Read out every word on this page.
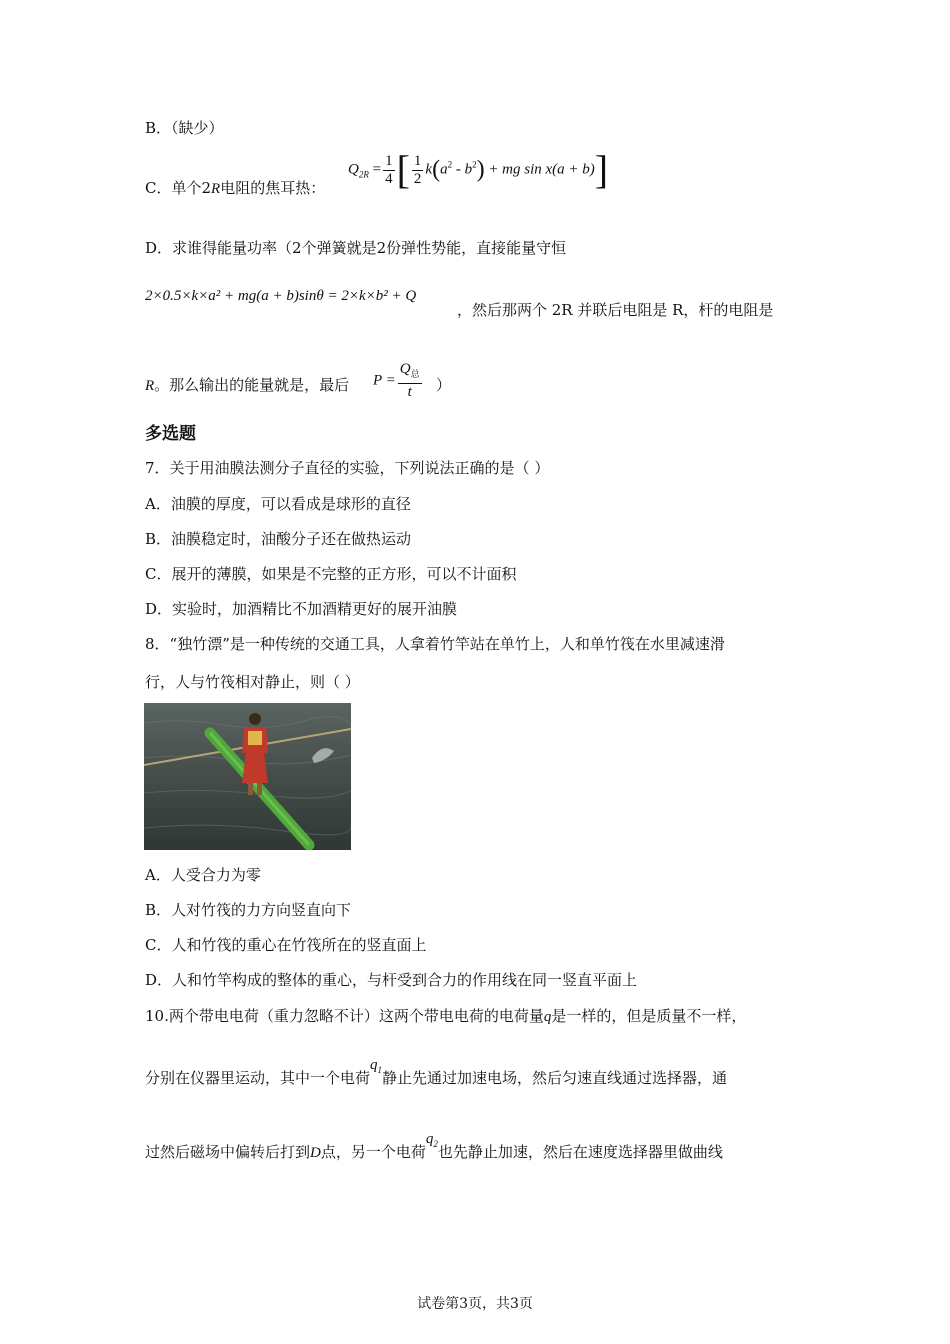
B．（缺少）
C．单个2R电阻的焦耳热：
$Q_{2R} = \frac{1}{4}$ [ $\frac{1}{2} k(a^2 - b^2)$ + mg sin x(a + b)]
D．求谁得能量功率（2个弹簧就是2份弹性势能，直接能量守恒
2×0.5×k×a² + mg(a + b)sinθ = 2×k×b² + Q
，然后那两个 2R 并联后电阻是 R，杆的电阻是
R。那么输出的能量就是，最后 $P = \frac{Q_总}{t}$ ）
多选题
7．关于用油膜法测分子直径的实验，下列说法正确的是（ ）
A．油膜的厚度，可以看成是球形的直径
B．油膜稳定时，油酸分子还在做热运动
C．展开的薄膜，如果是不完整的正方形，可以不计面积
D．实验时，加酒精比不加酒精更好的展开油膜
8．“独竹漂”是一种传统的交通工具，人拿着竹竿站在单竹上，人和单竹筏在水里减速滑
行，人与竹筏相对静止，则（ ）
A．人受合力为零
B．人对竹筏的力方向竖直向下
C．人和竹筏的重心在竹筏所在的竖直面上
D．人和竹竿构成的整体的重心，与杆受到合力的作用线在同一竖直平面上
10.两个带电电荷（重力忽略不计）这两个带电电荷的电荷量q是一样的，但是质量不一样，
分别在仪器里运动，其中一个电荷$q_1$静止先通过加速电场，然后匀速直线通过选择器，通
过然后磁场中偏转后打到D点，另一个电荷$q_2$也先静止加速，然后在速度选择器里做曲线
试卷第3页，共3页
